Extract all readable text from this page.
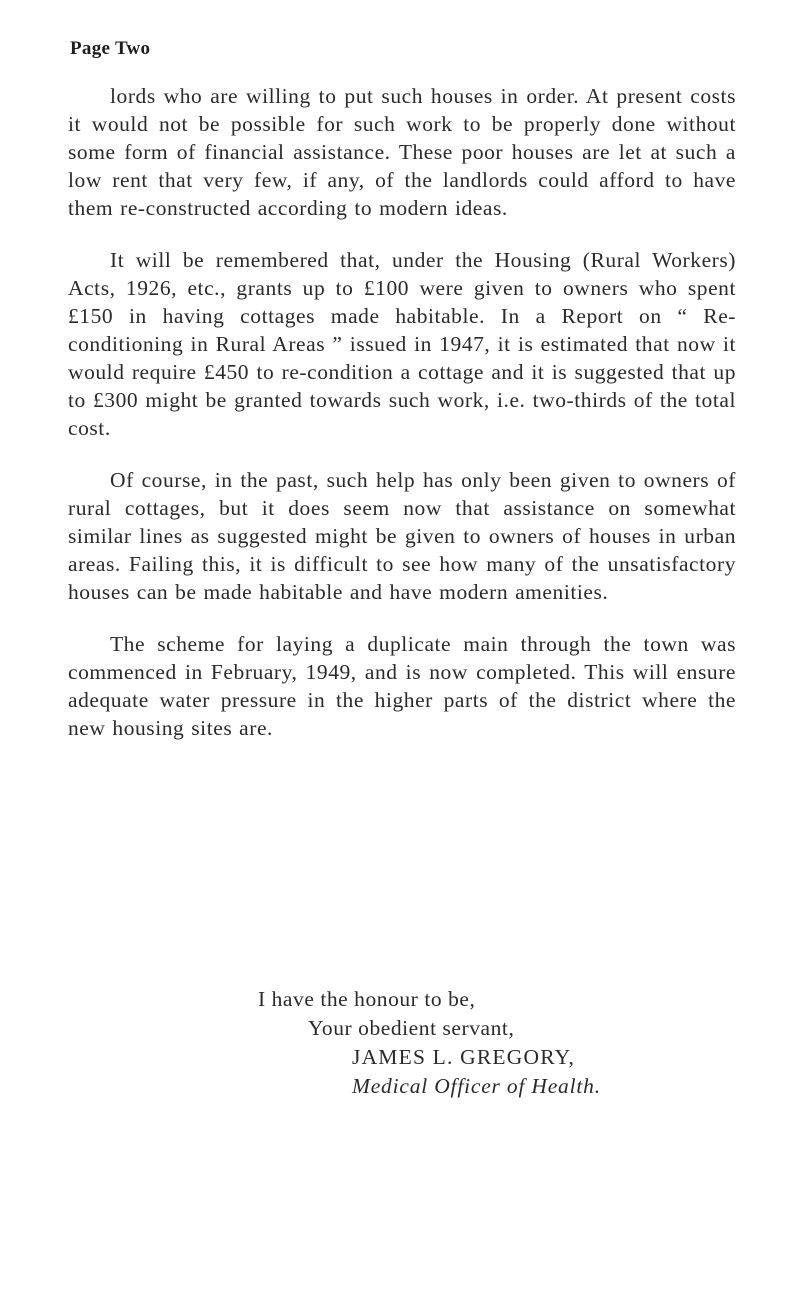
Page Two

lords who are willing to put such houses in order. At present costs it would not be possible for such work to be properly done without some form of financial assistance. These poor houses are let at such a low rent that very few, if any, of the landlords could afford to have them re-constructed according to modern ideas.

It will be remembered that, under the Housing (Rural Workers) Acts, 1926, etc., grants up to £100 were given to owners who spent £150 in having cottages made habitable. In a Report on “ Re-conditioning in Rural Areas ” issued in 1947, it is estimated that now it would require £450 to re-condition a cottage and it is suggested that up to £300 might be granted towards such work, i.e. two-thirds of the total cost.

Of course, in the past, such help has only been given to owners of rural cottages, but it does seem now that assistance on somewhat similar lines as suggested might be given to owners of houses in urban areas. Failing this, it is difficult to see how many of the unsatisfactory houses can be made habitable and have modern amenities.

The scheme for laying a duplicate main through the town was commenced in February, 1949, and is now completed. This will ensure adequate water pressure in the higher parts of the district where the new housing sites are.

I have the honour to be,
Your obedient servant,
JAMES L. GREGORY,
Medical Officer of Health.
